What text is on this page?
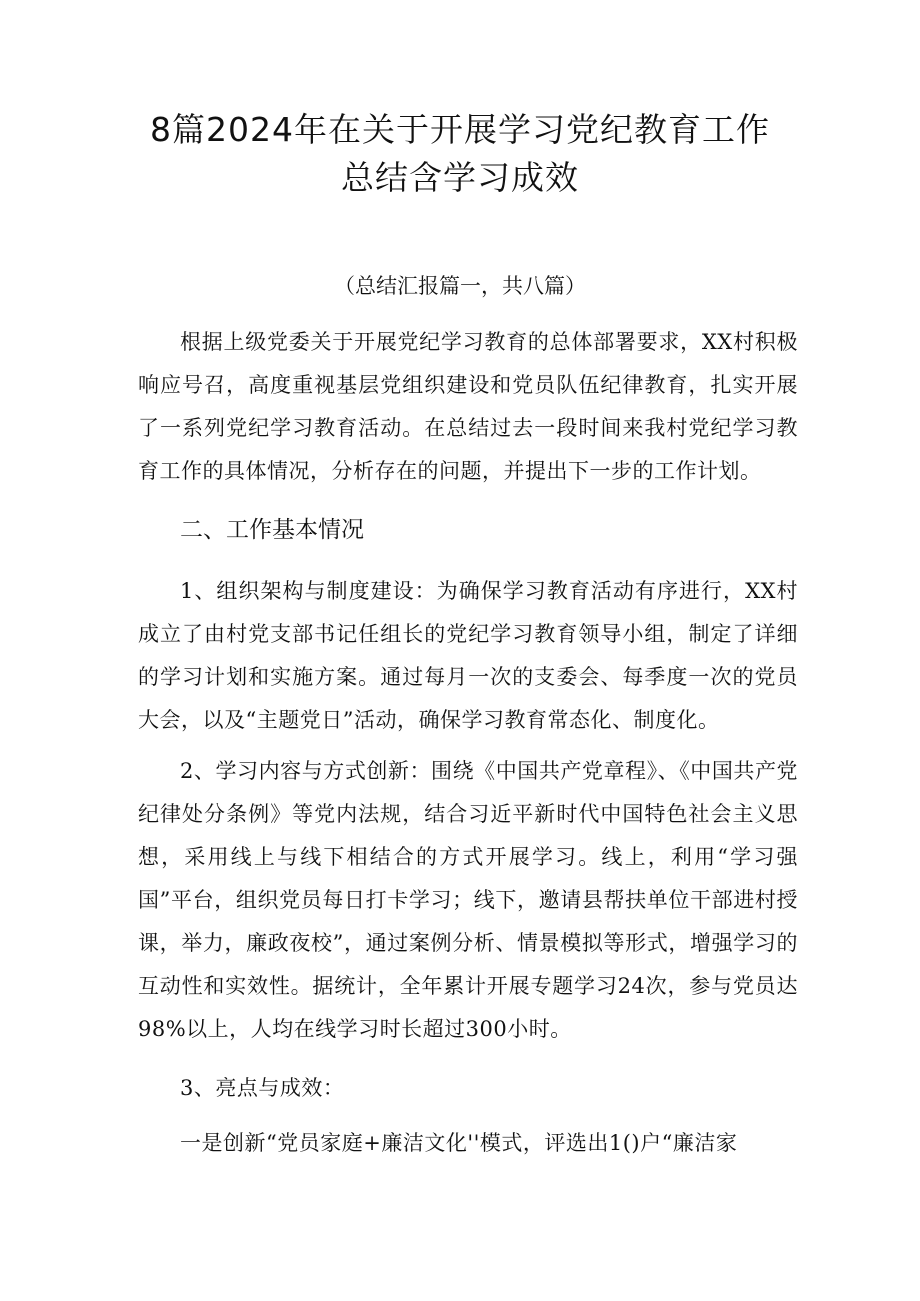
8篇2024年在关于开展学习党纪教育工作
总结含学习成效
（总结汇报篇一，共八篇）

根据上级党委关于开展党纪学习教育的总体部署要求，XX村积极响应号召，高度重视基层党组织建设和党员队伍纪律教育，扎实开展了一系列党纪学习教育活动。在总结过去一段时间来我村党纪学习教育工作的具体情况，分析存在的问题，并提出下一步的工作计划。

二、工作基本情况

1、组织架构与制度建设：为确保学习教育活动有序进行，XX村成立了由村党支部书记任组长的党纪学习教育领导小组，制定了详细的学习计划和实施方案。通过每月一次的支委会、每季度一次的党员大会，以及“主题党日”活动，确保学习教育常态化、制度化。

2、学习内容与方式创新：围绕《中国共产党章程》、《中国共产党纪律处分条例》等党内法规，结合习近平新时代中国特色社会主义思想，采用线上与线下相结合的方式开展学习。线上，利用“学习强国”平台，组织党员每日打卡学习；线下，邀请县帮扶单位干部进村授课，举力，廉政夜校”，通过案例分析、情景模拟等形式，增强学习的互动性和实效性。据统计，全年累计开展专题学习24次，参与党员达98%以上，人均在线学习时长超过300小时。

3、亮点与成效：

一是创新“党员家庭+廉洁文化''模式，评选出1()户“廉洁家
